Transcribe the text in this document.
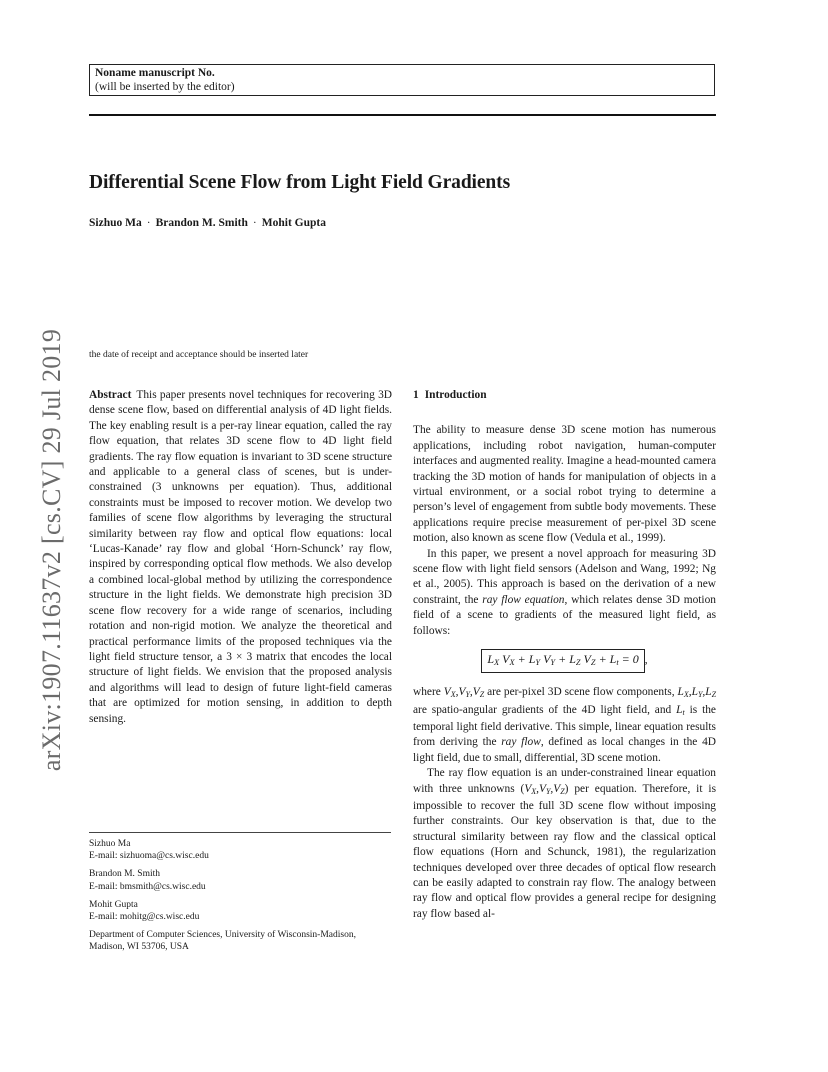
Noname manuscript No.
(will be inserted by the editor)
Differential Scene Flow from Light Field Gradients
Sizhuo Ma · Brandon M. Smith · Mohit Gupta
the date of receipt and acceptance should be inserted later
arXiv:1907.11637v2 [cs.CV] 29 Jul 2019 Abstract This paper presents novel techniques for recovering 3D dense scene flow, based on differential analysis of 4D light fields. The key enabling result is a per-ray linear equation, called the ray flow equation, that relates 3D scene flow to 4D light field gradients. The ray flow equation is invariant to 3D scene structure and applicable to a general class of scenes, but is under-constrained (3 unknowns per equation). Thus, additional constraints must be imposed to recover motion. We develop two families of scene flow algorithms by leveraging the structural similarity between ray flow and optical flow equations: local ‘Lucas-Kanade’ ray flow and global ‘Horn-Schunck’ ray flow, inspired by corresponding optical flow methods. We also develop a combined local-global method by utilizing the correspondence structure in the light fields. We demonstrate high precision 3D scene flow recovery for a wide range of scenarios, including rotation and non-rigid motion. We analyze the theoretical and practical performance limits of the proposed techniques via the light field structure tensor, a 3 × 3 matrix that encodes the local structure of light fields. We envision that the proposed analysis and algorithms will lead to design of future light-field cameras that are optimized for motion sensing, in addition to depth sensing.

Sizhuo Ma
E-mail: sizhuoma@cs.wisc.edu
Brandon M. Smith
E-mail: bmsmith@cs.wisc.edu
Mohit Gupta
E-mail: mohitg@cs.wisc.edu
Department of Computer Sciences, University of Wisconsin-Madison,
Madison, WI 53706, USA
1 Introduction

The ability to measure dense 3D scene motion has numerous applications, including robot navigation, human-computer interfaces and augmented reality. Imagine a head-mounted camera tracking the 3D motion of hands for manipulation of objects in a virtual environment, or a social robot trying to determine a person’s level of engagement from subtle body movements. These applications require precise measurement of per-pixel 3D scene motion, also known as scene flow (Vedula et al., 1999).

In this paper, we present a novel approach for measuring 3D scene flow with light field sensors (Adelson and Wang, 1992; Ng et al., 2005). This approach is based on the derivation of a new constraint, the ray flow equation, which relates dense 3D motion field of a scene to gradients of the measured light field, as follows:

$L_X$ $V_X + L_Y$ $V_Y + L_Z$ $V_Z + L_t = 0$ ,

where $V_X,V_Y,V_Z$ are per-pixel 3D scene flow components, $L_X,L_Y,L_Z$ are spatio-angular gradients of the 4D light field, and $L_t$ is the temporal light field derivative. This simple, linear equation results from deriving the ray flow, defined as local changes in the 4D light field, due to small, differential, 3D scene motion.

The ray flow equation is an under-constrained linear equation with three unknowns $(V_X,V_Y,V_Z)$ per equation. Therefore, it is impossible to recover the full 3D scene flow without imposing further constraints. Our key observation is that, due to the structural similarity between ray flow and the classical optical flow equations (Horn and Schunck, 1981), the regularization techniques developed over three decades of optical flow research can be easily adapted to constrain ray flow. The analogy between ray flow and optical flow provides a general recipe for designing ray flow based al-
